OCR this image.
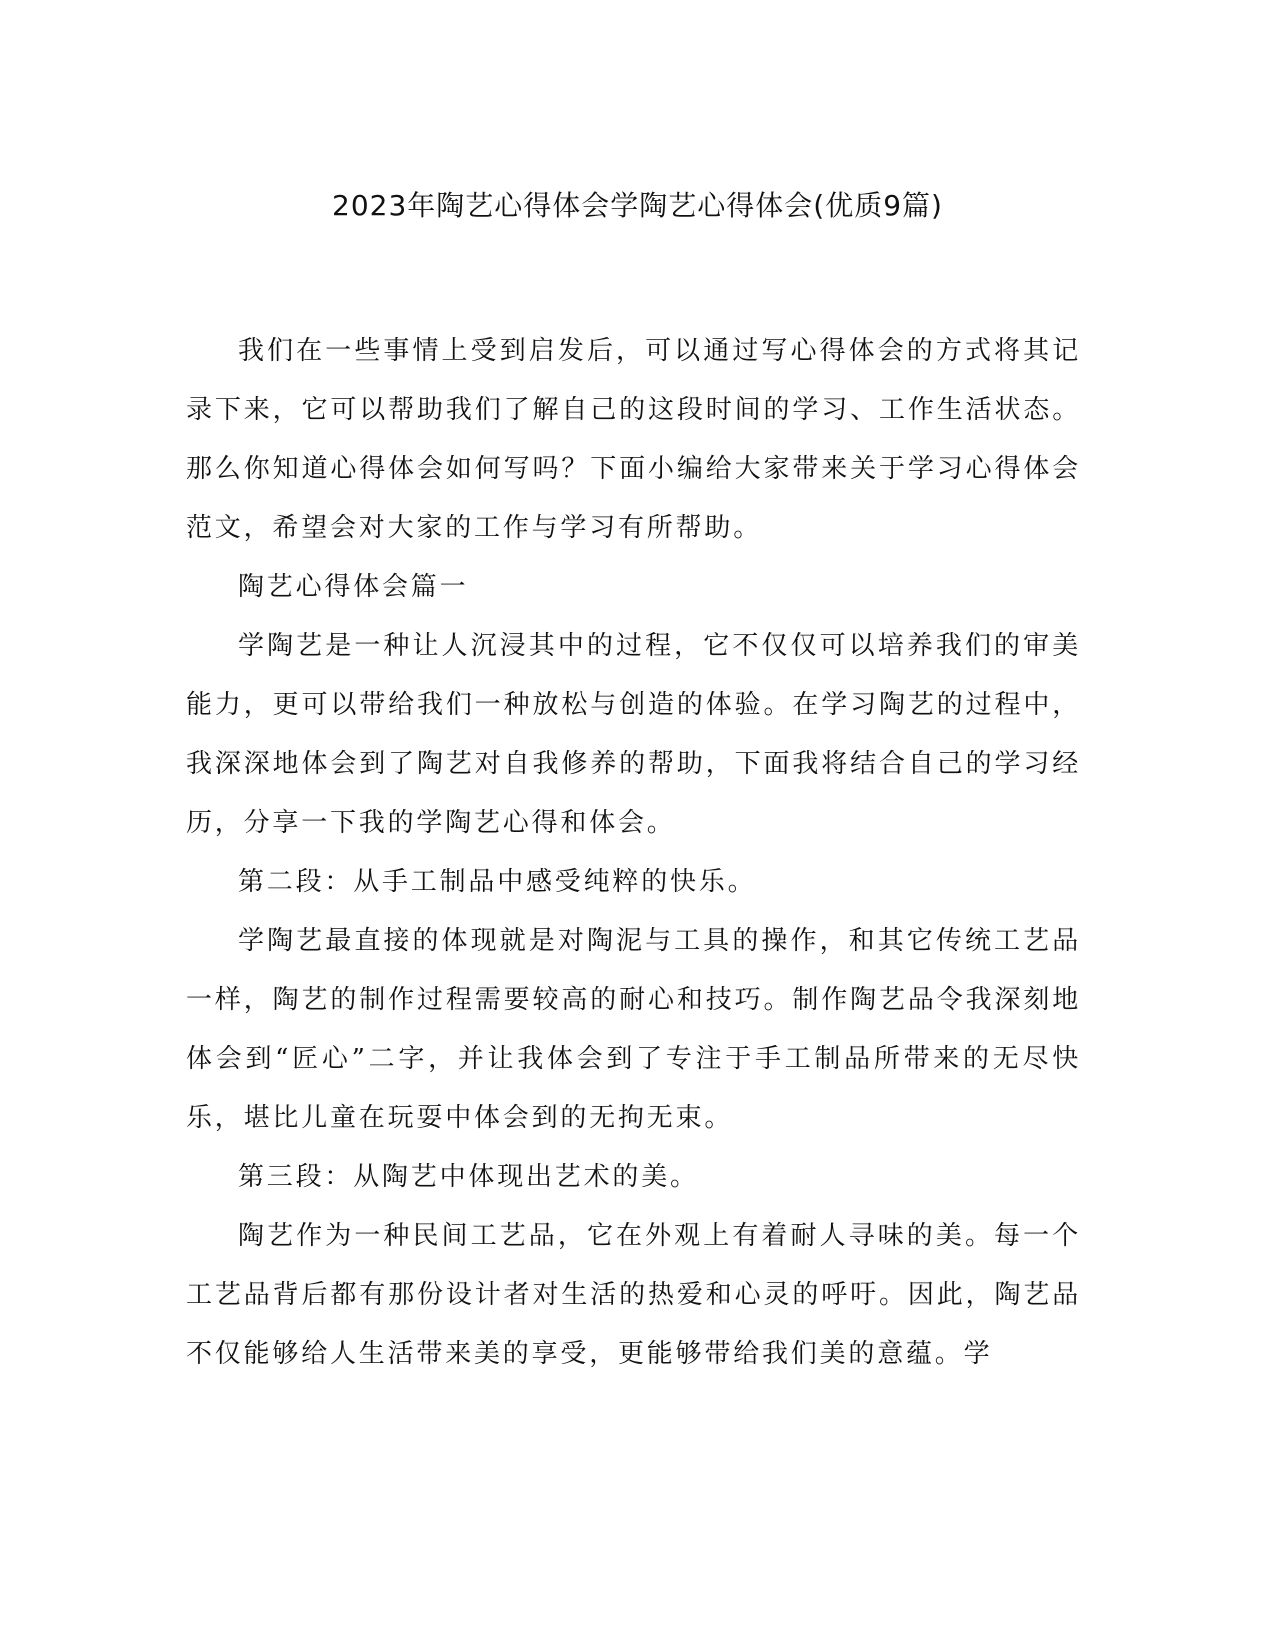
2023年陶艺心得体会学陶艺心得体会(优质9篇)

我们在一些事情上受到启发后，可以通过写心得体会的方式将其记录下来，它可以帮助我们了解自己的这段时间的学习、工作生活状态。那么你知道心得体会如何写吗？下面小编给大家带来关于学习心得体会范文，希望会对大家的工作与学习有所帮助。

陶艺心得体会篇一

学陶艺是一种让人沉浸其中的过程，它不仅仅可以培养我们的审美能力，更可以带给我们一种放松与创造的体验。在学习陶艺的过程中，我深深地体会到了陶艺对自我修养的帮助，下面我将结合自己的学习经历，分享一下我的学陶艺心得和体会。

第二段：从手工制品中感受纯粹的快乐。

学陶艺最直接的体现就是对陶泥与工具的操作，和其它传统工艺品一样，陶艺的制作过程需要较高的耐心和技巧。制作陶艺品令我深刻地体会到“匠心”二字，并让我体会到了专注于手工制品所带来的无尽快乐，堪比儿童在玩耍中体会到的无拘无束。

第三段：从陶艺中体现出艺术的美。

陶艺作为一种民间工艺品，它在外观上有着耐人寻味的美。每一个工艺品背后都有那份设计者对生活的热爱和心灵的呼吁。因此，陶艺品不仅能够给人生活带来美的享受，更能够带给我们美的意蕴。学
